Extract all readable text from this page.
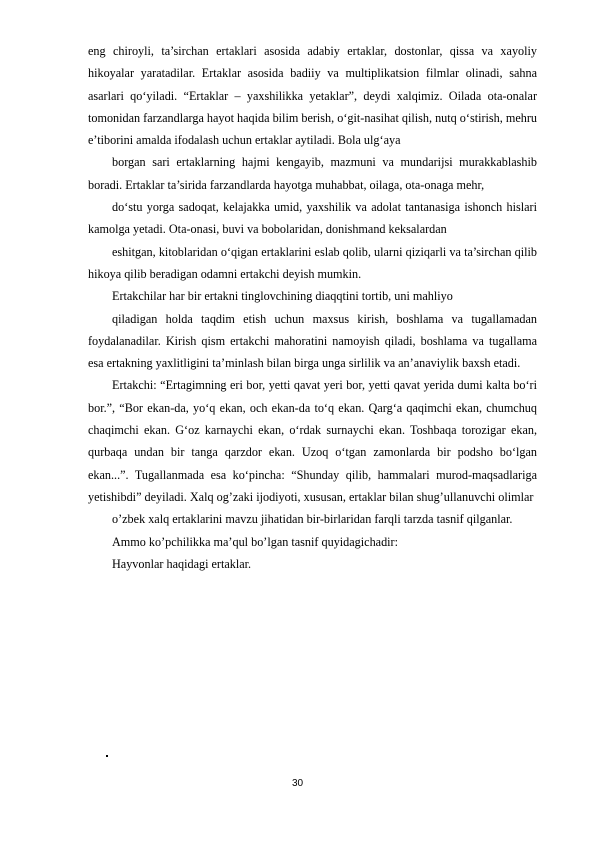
eng chiroyli, ta’sirchan ertaklari asosida adabiy ertaklar, dostonlar, qissa va xayoliy hikoyalar yaratadilar. Ertaklar asosida badiiy va multiplikatsion filmlar olinadi, sahna asarlari qo‘yiladi. “Ertaklar – yaxshilikka yetaklar”, deydi xalqimiz. Oilada ota-onalar tomonidan farzandlarga hayot haqida bilim berish, o‘git-nasihat qilish, nutq o‘stirish, mehru e’tiborini amalda ifodalash uchun ertaklar aytiladi. Bola ulg‘aya

borgan sari ertaklarning hajmi kengayib, mazmuni va mundarijsi murakkablashib boradi. Ertaklar ta’sirida farzandlarda hayotga muhabbat, oilaga, ota-onaga mehr,

do‘stu yorga sadoqat, kelajakka umid, yaxshilik va adolat tantanasiga ishonch hislari kamolga yetadi. Ota-onasi, buvi va bobolaridan, donishmand keksalardan

eshitgan, kitoblaridan o‘qigan ertaklarini eslab qolib, ularni qiziqarli va ta’sirchan qilib hikoya qilib beradigan odamni ertakchi deyish mumkin.

Ertakchilar har bir ertakni tinglovchining diaqqtini tortib, uni mahliyo

qiladigan holda taqdim etish uchun maxsus kirish, boshlama va tugallamadan foydalanadilar. Kirish qism ertakchi mahoratini namoyish qiladi, boshlama va tugallama esa ertakning yaxlitligini ta’minlash bilan birga unga sirlilik va an’anaviylik baxsh etadi.

Ertakchi: “Ertagimning eri bor, yetti qavat yeri bor, yetti qavat yerida dumi kalta bo‘ri bor.”, “Bor ekan-da, yo‘q ekan, och ekan-da to‘q ekan. Qarg‘a qaqimchi ekan, chumchuq chaqimchi ekan. G‘oz karnaychi ekan, o‘rdak surnaychi ekan. Toshbaqa torozigar ekan, qurbaqa undan bir tanga qarzdor ekan. Uzoq o‘tgan zamonlarda bir podsho bo‘lgan ekan...”. Tugallanmada esa ko‘pincha: “Shunday qilib, hammalari murod-maqsadlariga yetishibdi” deyiladi. Xalq og’zaki ijodiyoti, xususan, ertaklar bilan shug’ullanuvchi olimlar

o’zbek xalq ertaklarini mavzu jihatidan bir-birlaridan farqli tarzda tasnif qilganlar.

Ammo ko’pchilikka ma’qul bo’lgan tasnif quyidagichadir:

Hayvonlar haqidagi ertaklar.

30
